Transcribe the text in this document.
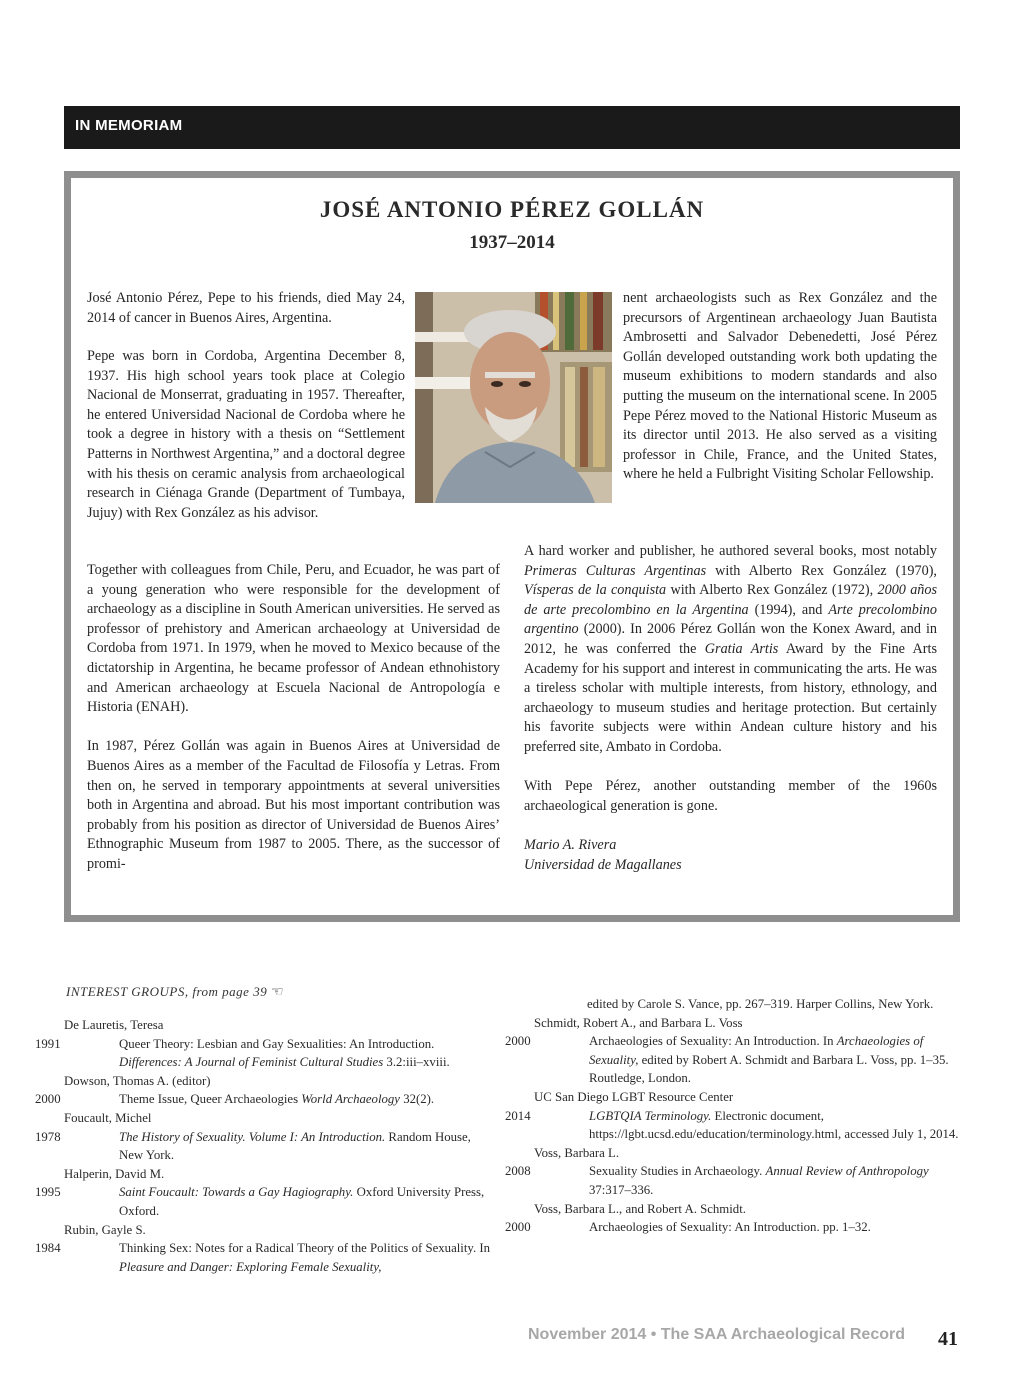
IN MEMORIAM
JOSÉ ANTONIO PÉREZ GOLLÁN
1937–2014

José Antonio Pérez, Pepe to his friends, died May 24, 2014 of cancer in Buenos Aires, Argentina.

Pepe was born in Cordoba, Argentina December 8, 1937. His high school years took place at Colegio Nacional de Monserrat, graduating in 1957. Thereafter, he entered Universidad Nacional de Cordoba where he took a degree in history with a thesis on “Settlement Patterns in Northwest Argentina,” and a doctoral degree with his thesis on ceramic analysis from archaeological research in Ciénaga Grande (Department of Tumbaya, Jujuy) with Rex González as his advisor.

Together with colleagues from Chile, Peru, and Ecuador, he was part of a young generation who were responsible for the development of archaeology as a discipline in South American universities. He served as professor of prehistory and American archaeology at Universidad de Cordoba from 1971. In 1979, when he moved to Mexico because of the dictatorship in Argentina, he became professor of Andean ethnohistory and American archaeology at Escuela Nacional de Antropología e Historia (ENAH).

In 1987, Pérez Gollán was again in Buenos Aires at Universidad de Buenos Aires as a member of the Facultad de Filosofía y Letras. From then on, he served in temporary appointments at several universities both in Argentina and abroad. But his most important contribution was probably from his position as director of Universidad de Buenos Aires’ Ethnographic Museum from 1987 to 2005. There, as the successor of promi-

nent archaeologists such as Rex González and the precursors of Argentinean archaeology Juan Bautista Ambrosetti and Salvador Debenedetti, José Pérez Gollán developed outstanding work both updating the museum exhibitions to modern standards and also putting the museum on the international scene. In 2005 Pepe Pérez moved to the National Historic Museum as its director until 2013. He also served as a visiting professor in Chile, France, and the United States, where he held a Fulbright Visiting Scholar Fellowship.

A hard worker and publisher, he authored several books, most notably Primeras Culturas Argentinas with Alberto Rex González (1970), Vísperas de la conquista with Alberto Rex González (1972), 2000 años de arte precolombino en la Argentina (1994), and Arte precolombino argentino (2000). In 2006 Pérez Gollán won the Konex Award, and in 2012, he was conferred the Gratia Artis Award by the Fine Arts Academy for his support and interest in communicating the arts. He was a tireless scholar with multiple interests, from history, ethnology, and archaeology to museum studies and heritage protection. But certainly his favorite subjects were within Andean culture history and his preferred site, Ambato in Cordoba.

With Pepe Pérez, another outstanding member of the 1960s archaeological generation is gone.

Mario A. Rivera
Universidad de Magallanes

INTEREST GROUPS, from page 39 ☜
De Lauretis, Teresa
1991	Queer Theory: Lesbian and Gay Sexualities: An Introduction. Differences: A Journal of Feminist Cultural Studies 3.2:iii–xviii.
Dowson, Thomas A. (editor)
2000	Theme Issue, Queer Archaeologies World Archaeology 32(2).
Foucault, Michel
1978	The History of Sexuality. Volume I: An Introduction. Random House, New York.
Halperin, David M.
1995	Saint Foucault: Towards a Gay Hagiography. Oxford University Press, Oxford.
Rubin, Gayle S.
1984	Thinking Sex: Notes for a Radical Theory of the Politics of Sexuality. In Pleasure and Danger: Exploring Female Sexuality,
edited by Carole S. Vance, pp. 267–319. Harper Collins, New York.
Schmidt, Robert A., and Barbara L. Voss
2000	Archaeologies of Sexuality: An Introduction. In Archaeologies of Sexuality, edited by Robert A. Schmidt and Barbara L. Voss, pp. 1–35. Routledge, London.
UC San Diego LGBT Resource Center
2014	LGBTQIA Terminology. Electronic document, https://lgbt.ucsd.edu/education/terminology.html, accessed July 1, 2014.
Voss, Barbara L.
2008	Sexuality Studies in Archaeology. Annual Review of Anthropology 37:317–336.
Voss, Barbara L., and Robert A. Schmidt.
2000	Archaeologies of Sexuality: An Introduction. pp. 1–32.
November 2014 • The SAA Archaeological Record 41
